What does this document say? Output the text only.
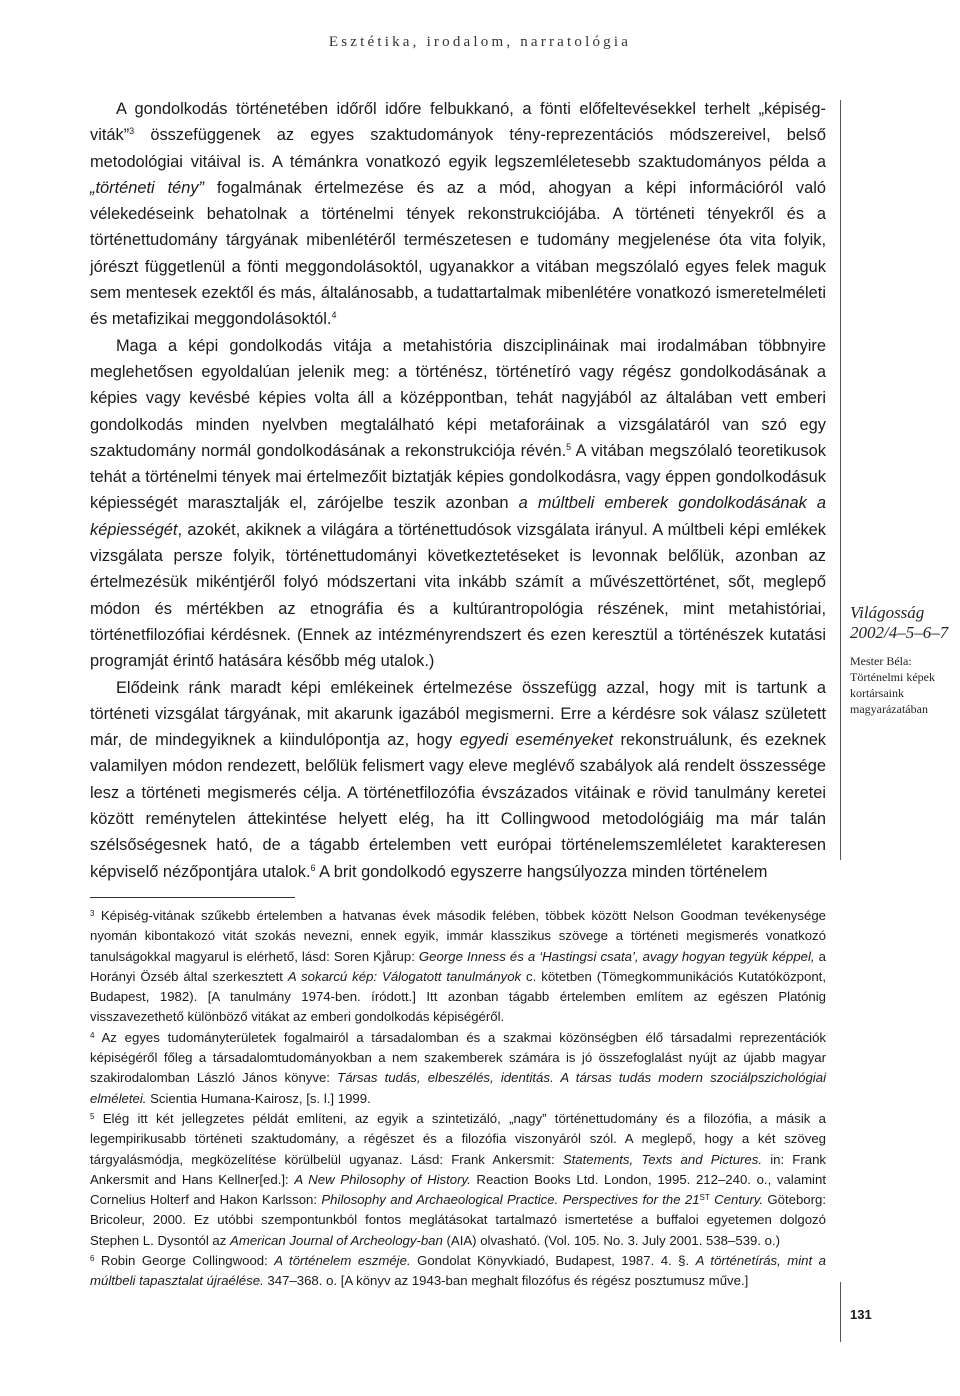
Esztétika, irodalom, narratológia

A gondolkodás történetében időről időre felbukkanó, a fönti előfeltevésekkel terhelt „képiség-viták”$^3$ összefüggenek az egyes szaktudományok tény-reprezentációs módszereivel, belső metodológiai vitáival is. A témánkra vonatkozó egyik legszemléletesebb szaktudományos példa a „történeti tény” fogalmának értelmezése és az a mód, ahogyan a képi információról való vélekedéseink behatolnak a történelmi tények rekonstrukciójába. A történeti tényekről és a történettudomány tárgyának mibenlétéről természetesen e tudomány megjelenése óta vita folyik, jórészt függetlenül a fönti meggondolásoktól, ugyanakkor a vitában megszólaló egyes felek maguk sem mentesek ezektől és más, általánosabb, a tudattartalmak mibenlétére vonatkozó ismeretelméleti és metafizikai meggondolásoktól.$^4$

Maga a képi gondolkodás vitája a metahistória diszciplináinak mai irodalmában többnyire meglehetősen egyoldalúan jelenik meg: a történész, történetíró vagy régész gondolkodásának a képies vagy kevésbé képies volta áll a középpontban, tehát nagyjából az általában vett emberi gondolkodás minden nyelvben megtalálható képi metaforáinak a vizsgálatáról van szó egy szaktudomány normál gondolkodásának a rekonstrukciója révén.$^5$ A vitában megszólaló teoretikusok tehát a történelmi tények mai értelmezőit biztatják képies gondolkodásra, vagy éppen gondolkodásuk képiességét marasztalják el, zárójelbe teszik azonban a múltbeli emberek gondolkodásának a képiességét, azokét, akiknek a világára a történettudósok vizsgálata irányul. A múltbeli képi emlékek vizsgálata persze folyik, történettudományi következtetéseket is levonnak belőlük, azonban az értelmezésük mikéntjéről folyó módszertani vita inkább számít a művészettörténet, sőt, meglepő módon és mértékben az etnográfia és a kultúrantropológia részének, mint metahistóriai, történetfilozófiai kérdésnek. (Ennek az intézményrendszert és ezen keresztül a történészek kutatási programját érintő hatására később még utalok.)

Elődeink ránk maradt képi emlékeinek értelmezése összefügg azzal, hogy mit is tartunk a történeti vizsgálat tárgyának, mit akarunk igazából megismerni. Erre a kérdésre sok válasz született már, de mindegyiknek a kiindulópontja az, hogy egyedi eseményeket rekonstruálunk, és ezeknek valamilyen módon rendezett, belőlük felismert vagy eleve meglévő szabályok alá rendelt összessége lesz a történeti megismerés célja. A történetfilozófia évszázados vitáinak e rövid tanulmány keretei között reménytelen áttekintése helyett elég, ha itt Collingwood metodológiáig ma már talán szélsőségesnek ható, de a tágabb értelemben vett európai történelemszemléletet karakteresen képviselő nézőpontjára utalok.$^6$ A brit gondolkodó egyszerre hangsúlyozza minden történelem

Világosság
2002/4–5–6–7
Mester Béla:
Történelmi képek kortársaink magyarázatában

$^3$ Képiség-vitának szűkebb értelemben a hatvanas évek második felében, többek között Nelson Goodman tevékenysége nyomán kibontakozó vitát szokás nevezni, ennek egyik, immár klasszikus szövege a történeti megismerés vonatkozó tanulságokkal magyarul is elérhető, lásd: Soren Kjårup: George Inness és a ‘Hastingsi csata’, avagy hogyan tegyük képpel, a Horányi Özséb által szerkesztett A sokarcú kép: Válogatott tanulmányok c. kötetben (Tömegkommunikációs Kutatóközpont, Budapest, 1982). [A tanulmány 1974-ben. íródott.] Itt azonban tágabb értelemben említem az egészen Platónig visszavezethető különböző vitákat az emberi gondolkodás képiségéről.

$^4$ Az egyes tudományterületek fogalmairól a társadalomban és a szakmai közönségben élő társadalmi reprezentációk képiségéről főleg a társadalomtudományokban a nem szakemberek számára is jó összefoglalást nyújt az újabb magyar szakirodalomban László János könyve: Társas tudás, elbeszélés, identitás. A társas tudás modern szociálpszichológiai elméletei. Scientia Humana-Kairosz, [s. l.] 1999.

$^5$ Elég itt két jellegzetes példát említeni, az egyik a szintetizáló, „nagy” történettudomány és a filozófia, a másik a legempirikusabb történeti szaktudomány, a régészet és a filozófia viszonyáról szól. A meglepő, hogy a két szöveg tárgyalásmódja, megközelítése körülbelül ugyanaz. Lásd: Frank Ankersmit: Statements, Texts and Pictures. in: Frank Ankersmit and Hans Kellner[ed.]: A New Philosophy of History. Reaction Books Ltd. London, 1995. 212–240. o., valamint Cornelius Holterf and Hakon Karlsson: Philosophy and Archaeological Practice. Perspectives for the 21ST Century. Göteborg: Bricoleur, 2000. Ez utóbbi szempontunkból fontos meglátásokat tartalmazó ismertetése a buffaloi egyetemen dolgozó Stephen L. Dysontól az American Journal of Archeology-ban (AIA) olvasható. (Vol. 105. No. 3. July 2001. 538–539. o.)

$^6$ Robin George Collingwood: A történelem eszméje. Gondolat Könyvkiadó, Budapest, 1987. 4. §. A történetírás, mint a múltbeli tapasztalat újraélése. 347–368. o. [A könyv az 1943-ban meghalt filozófus és régész posztumusz műve.]

131
